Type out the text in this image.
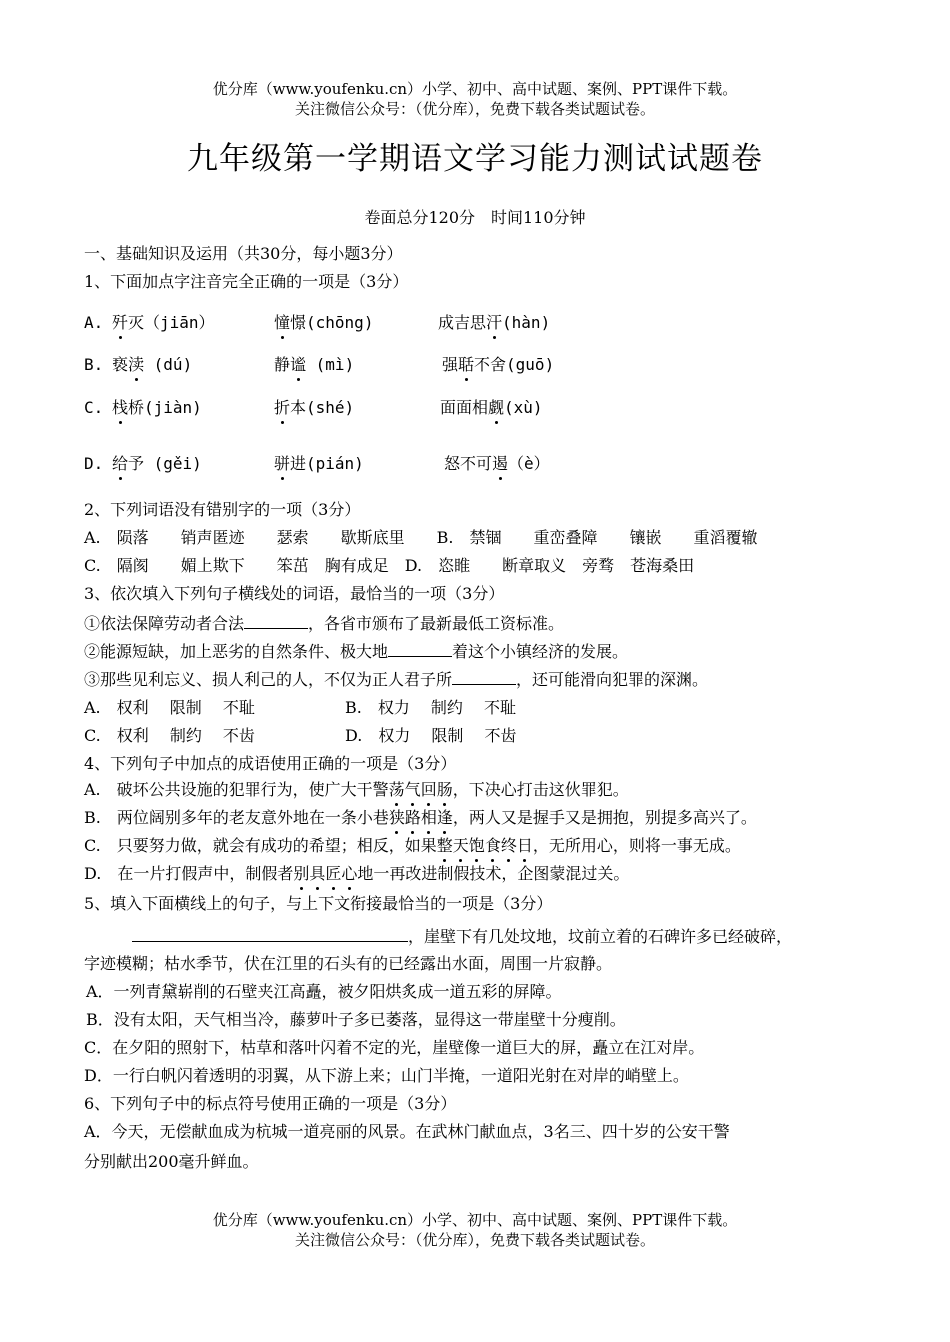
优分库（www.youfenku.cn）小学、初中、高中试题、案例、PPT课件下载。
关注微信公众号：（优分库），免费下载各类试题试卷。
九年级第一学期语文学习能力测试试题卷
卷面总分120分　时间110分钟
一、基础知识及运用（共30分，每小题3分）
1、下面加点字注音完全正确的一项是（3分）
A. 歼灭（jiān）	憧憬(chōng)	成吉思汗(hàn)
B. 亵渎 (dú)	静谧 (mì)	强聒不舍(guō)
C. 栈桥(jiàn)	折本(shé)	面面相觑(xù)
D. 给予 (gěi)	骈进(pián)	怒不可遏（è）
2、下列词语没有错别字的一项（3分）
A.　陨落　　销声匿迹　　瑟索　　歇斯底里　　B.　禁锢　　重峦叠障　　镶嵌　　重滔覆辙
C.　隔阂　　媚上欺下　　笨茁　胸有成足　D.　恣睢　　断章取义　旁骛　苍海桑田
3、依次填入下列句子横线处的词语，最恰当的一项（3分）
①依法保障劳动者合法	，各省市颁布了最新最低工资标准。
②能源短缺，加上恶劣的自然条件、极大地	着这个小镇经济的发展。
③那些见利忘义、损人利己的人，不仅为正人君子所	，还可能滑向犯罪的深渊。
A.　权利　 限制　 不耻	B.　权力　 制约　 不耻
C.　权利　 制约　 不齿	D.　权力　 限制　 不齿
4、下列句子中加点的成语使用正确的一项是（3分）
A.　破坏公共设施的犯罪行为，使广大干警荡气回肠，下决心打击这伙罪犯。
B.　两位阔别多年的老友意外地在一条小巷狭路相逢，两人又是握手又是拥抱，别提多高兴了。
C.　只要努力做，就会有成功的希望；相反，如果整天饱食终日，无所用心，则将一事无成。
D.　在一片打假声中，制假者别具匠心地一再改进制假技术，企图蒙混过关。
5、填入下面横线上的句子，与上下文衔接最恰当的一项是（3分）
，崖壁下有几处坟地，坟前立着的石碑许多已经破碎，
字迹模糊；枯水季节，伏在江里的石头有的已经露出水面，周围一片寂静。
A．一列青黛崭削的石壁夹江高矗，被夕阳烘炙成一道五彩的屏障。
B．没有太阳，天气相当冷，藤萝叶子多已萎落，显得这一带崖壁十分瘦削。
C．在夕阳的照射下，枯草和落叶闪着不定的光，崖壁像一道巨大的屏，矗立在江对岸。
D．一行白帆闪着透明的羽翼，从下游上来；山门半掩，一道阳光射在对岸的峭壁上。
6、下列句子中的标点符号使用正确的一项是（3分）
A．今天，无偿献血成为杭城一道亮丽的风景。在武林门献血点，3名三、四十岁的公安干警
分别献出200毫升鲜血。
优分库（www.youfenku.cn）小学、初中、高中试题、案例、PPT课件下载。
关注微信公众号：（优分库），免费下载各类试题试卷。
